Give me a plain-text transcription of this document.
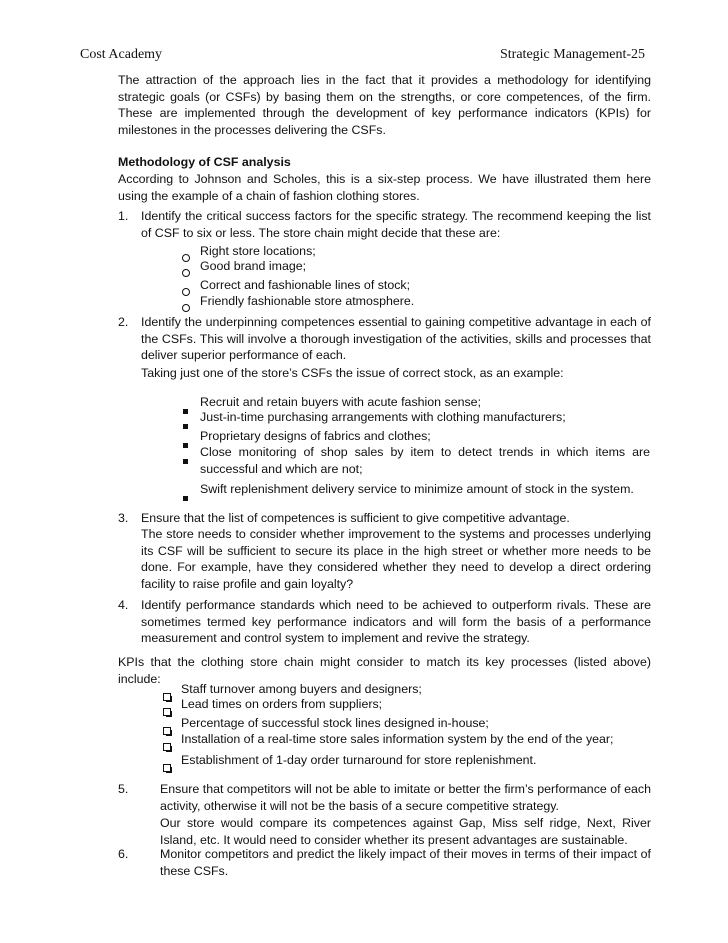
Cost Academy	Strategic Management-25
The attraction of the approach lies in the fact that it provides a methodology for identifying strategic goals (or CSFs) by basing them on the strengths, or core competences, of the firm. These are implemented through the development of key performance indicators (KPIs) for milestones in the processes delivering the CSFs.
Methodology of CSF analysis
According to Johnson and Scholes, this is a six-step process. We have illustrated them here using the example of a chain of fashion clothing stores.
1. Identify the critical success factors for the specific strategy. The recommend keeping the list of CSF to six or less. The store chain might decide that these are:
Right store locations;
Good brand image;
Correct and fashionable lines of stock;
Friendly fashionable store atmosphere.
2. Identify the underpinning competences essential to gaining competitive advantage in each of the CSFs. This will involve a thorough investigation of the activities, skills and processes that deliver superior performance of each.
Taking just one of the store’s CSFs the issue of correct stock, as an example:
Recruit and retain buyers with acute fashion sense;
Just-in-time purchasing arrangements with clothing manufacturers;
Proprietary designs of fabrics and clothes;
Close monitoring of shop sales by item to detect trends in which items are successful and which are not;
Swift replenishment delivery service to minimize amount of stock in the system.
3. Ensure that the list of competences is sufficient to give competitive advantage.
The store needs to consider whether improvement to the systems and processes underlying its CSF will be sufficient to secure its place in the high street or whether more needs to be done. For example, have they considered whether they need to develop a direct ordering facility to raise profile and gain loyalty?
4. Identify performance standards which need to be achieved to outperform rivals. These are sometimes termed key performance indicators and will form the basis of a performance measurement and control system to implement and revive the strategy.
KPIs that the clothing store chain might consider to match its key processes (listed above) include:
Staff turnover among buyers and designers;
Lead times on orders from suppliers;
Percentage of successful stock lines designed in-house;
Installation of a real-time store sales information system by the end of the year;
Establishment of 1-day order turnaround for store replenishment.
5.	Ensure that competitors will not be able to imitate or better the firm’s performance of each activity, otherwise it will not be the basis of a secure competitive strategy.
Our store would compare its competences against Gap, Miss self ridge, Next, River Island, etc. It would need to consider whether its present advantages are sustainable.
6.	Monitor competitors and predict the likely impact of their moves in terms of their impact of these CSFs.
